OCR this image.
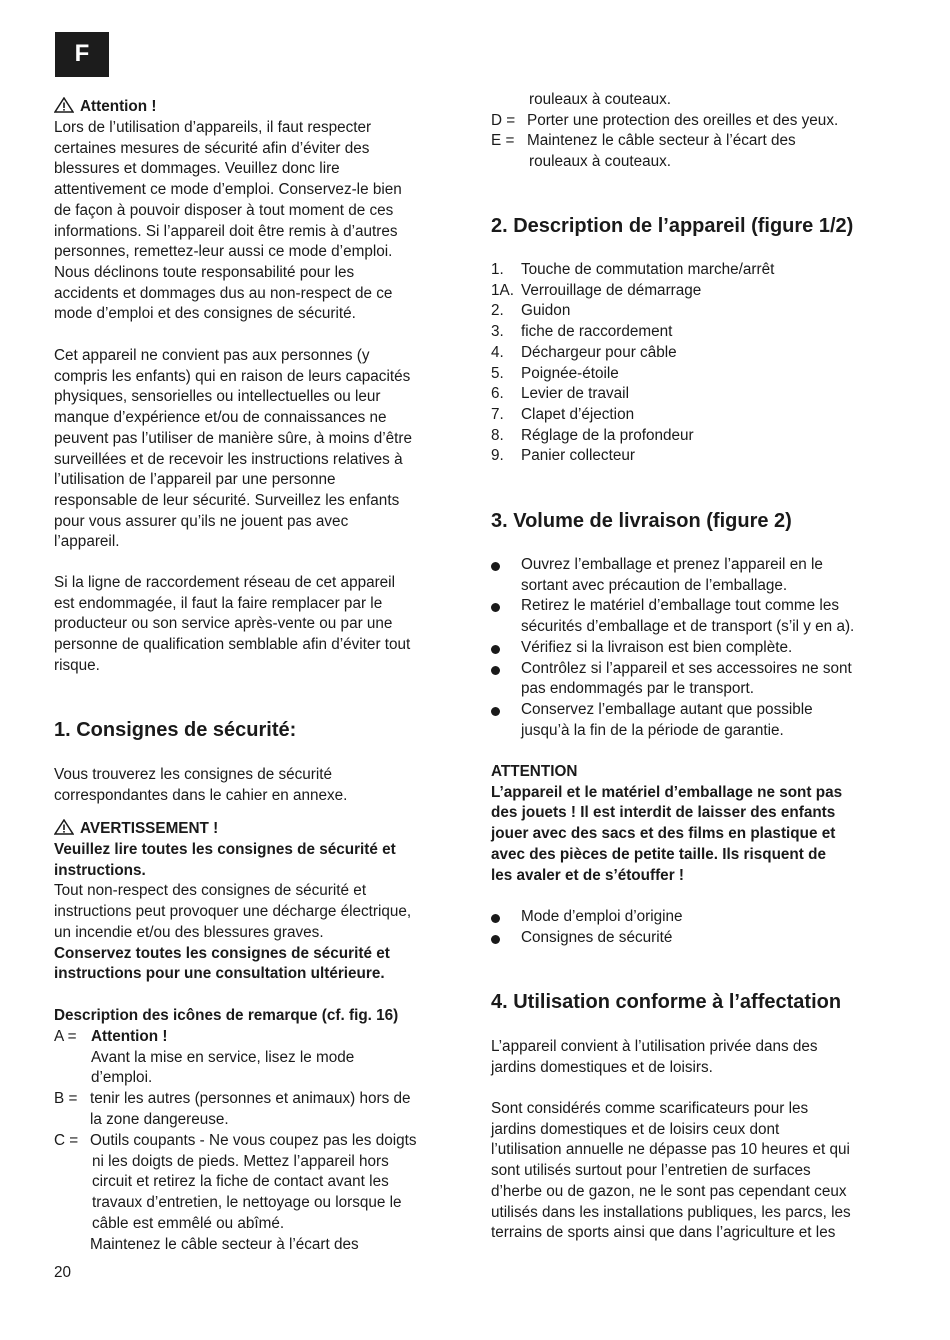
F
Attention !
Lors de l’utilisation d’appareils, il faut respecter
certaines mesures de sécurité afin d’éviter des
blessures et dommages. Veuillez donc lire
attentivement ce mode d’emploi. Conservez-le bien
de façon à pouvoir disposer à tout moment de ces
informations. Si l’appareil doit être remis à d’autres
personnes, remettez-leur aussi ce mode d’emploi.
Nous déclinons toute responsabilité pour les
accidents et dommages dus au non-respect de ce
mode d’emploi et des consignes de sécurité.
Cet appareil ne convient pas aux personnes (y
compris les enfants) qui en raison de leurs capacités
physiques, sensorielles ou intellectuelles ou leur
manque d’expérience et/ou de connaissances ne
peuvent pas l’utiliser de manière sûre, à moins d’être
surveillées et de recevoir les instructions relatives à
l’utilisation de l’appareil par une personne
responsable de leur sécurité. Surveillez les enfants
pour vous assurer qu’ils ne jouent pas avec
l’appareil.
Si la ligne de raccordement réseau de cet appareil
est endommagée, il faut la faire remplacer par le
producteur ou son service après-vente ou par une
personne de qualification semblable afin d’éviter tout
risque.
1. Consignes de sécurité:
Vous trouverez les consignes de sécurité
correspondantes dans le cahier en annexe.
AVERTISSEMENT !
Veuillez lire toutes les consignes de sécurité et
instructions.
Tout non-respect des consignes de sécurité et
instructions peut provoquer une décharge électrique,
un incendie et/ou des blessures graves.
Conservez toutes les consignes de sécurité et
instructions pour une consultation ultérieure.
Description des icônes de remarque (cf. fig. 16)
A = Attention !
Avant la mise en service, lisez le mode
d’emploi.
B = tenir les autres (personnes et animaux) hors de
la zone dangereuse.
C = Outils coupants - Ne vous coupez pas les doigts
ni les doigts de pieds. Mettez l’appareil hors
circuit et retirez la fiche de contact avant les
travaux d’entretien, le nettoyage ou lorsque le
câble est emmêlé ou abîmé.
Maintenez le câble secteur à l’écart des
rouleaux à couteaux.
D = Porter une protection des oreilles et des yeux.
E = Maintenez le câble secteur à l’écart des
rouleaux à couteaux.
2. Description de l’appareil (figure 1/2)
1. Touche de commutation marche/arrêt
1A. Verrouillage de démarrage
2. Guidon
3. fiche de raccordement
4. Déchargeur pour câble
5. Poignée-étoile
6. Levier de travail
7. Clapet d’éjection
8. Réglage de la profondeur
9. Panier collecteur
3. Volume de livraison (figure 2)
Ouvrez l’emballage et prenez l’appareil en le
sortant avec précaution de l’emballage.
Retirez le matériel d’emballage tout comme les
sécurités d’emballage et de transport (s’il y en a).
Vérifiez si la livraison est bien complète.
Contrôlez si l’appareil et ses accessoires ne sont
pas endommagés par le transport.
Conservez l’emballage autant que possible
jusqu’à la fin de la période de garantie.
ATTENTION
L’appareil et le matériel d’emballage ne sont pas
des jouets ! Il est interdit de laisser des enfants
jouer avec des sacs et des films en plastique et
avec des pièces de petite taille. Ils risquent de
les avaler et de s’étouffer !
Mode d’emploi d’origine
Consignes de sécurité
4. Utilisation conforme à l’affectation
L’appareil convient à l’utilisation privée dans des
jardins domestiques et de loisirs.
Sont considérés comme scarificateurs pour les
jardins domestiques et de loisirs ceux dont
l’utilisation annuelle ne dépasse pas 10 heures et qui
sont utilisés surtout pour l’entretien de surfaces
d’herbe ou de gazon, ne le sont pas cependant ceux
utilisés dans les installations publiques, les parcs, les
terrains de sports ainsi que dans l’agriculture et les
20
